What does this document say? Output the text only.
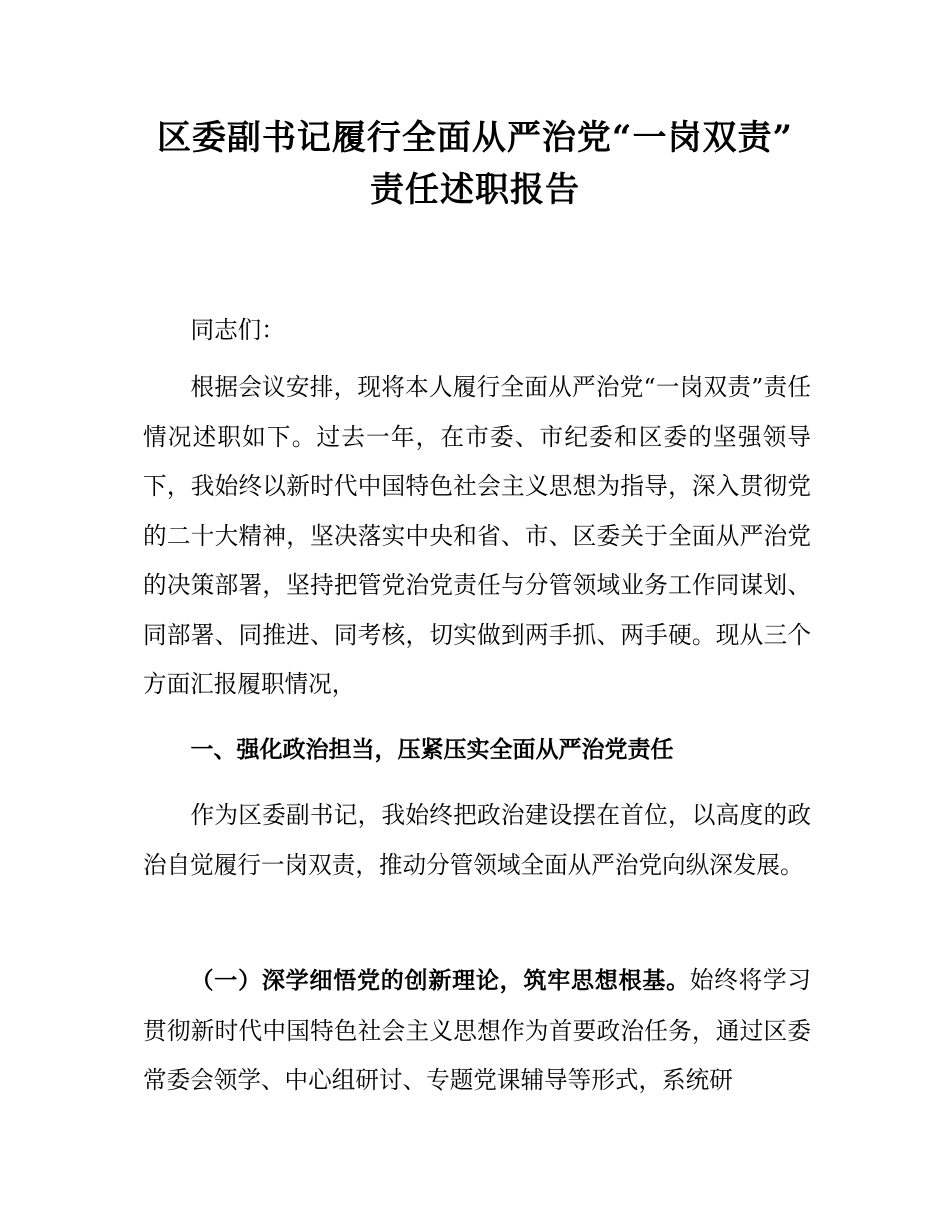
区委副书记履行全面从严治党“一岗双责”
责任述职报告

同志们：

根据会议安排，现将本人履行全面从严治党“一岗双责”责任情况述职如下。过去一年，在市委、市纪委和区委的坚强领导下，我始终以新时代中国特色社会主义思想为指导，深入贯彻党的二十大精神，坚决落实中央和省、市、区委关于全面从严治党的决策部署，坚持把管党治党责任与分管领域业务工作同谋划、同部署、同推进、同考核，切实做到两手抓、两手硬。现从三个方面汇报履职情况，

一、强化政治担当，压紧压实全面从严治党责任

作为区委副书记，我始终把政治建设摆在首位，以高度的政治自觉履行一岗双责，推动分管领域全面从严治党向纵深发展。

（一）深学细悟党的创新理论，筑牢思想根基。始终将学习贯彻新时代中国特色社会主义思想作为首要政治任务，通过区委常委会领学、中心组研讨、专题党课辅导等形式，系统研
